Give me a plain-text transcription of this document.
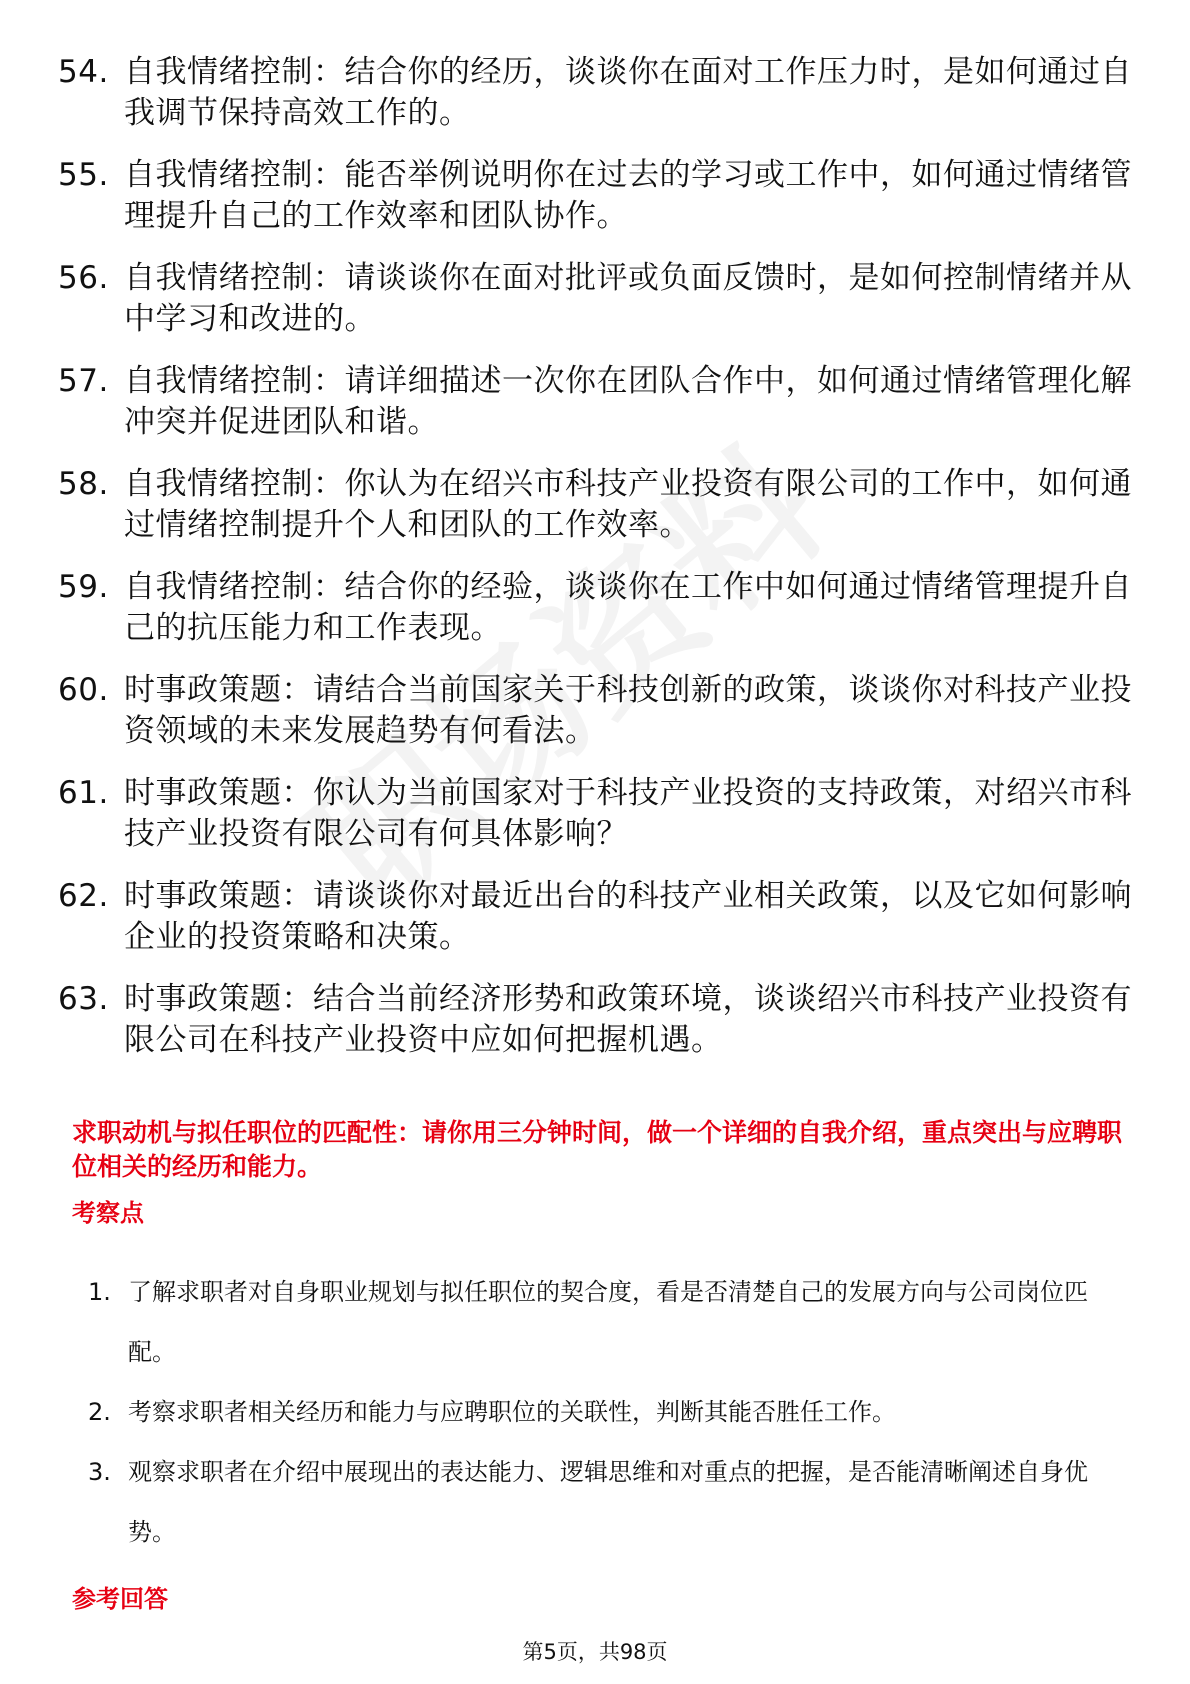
54. 自我情绪控制：结合你的经历，谈谈你在面对工作压力时，是如何通过自我调节保持高效工作的。
55. 自我情绪控制：能否举例说明你在过去的学习或工作中，如何通过情绪管理提升自己的工作效率和团队协作。
56. 自我情绪控制：请谈谈你在面对批评或负面反馈时，是如何控制情绪并从中学习和改进的。
57. 自我情绪控制：请详细描述一次你在团队合作中，如何通过情绪管理化解冲突并促进团队和谐。
58. 自我情绪控制：你认为在绍兴市科技产业投资有限公司的工作中，如何通过情绪控制提升个人和团队的工作效率。
59. 自我情绪控制：结合你的经验，谈谈你在工作中如何通过情绪管理提升自己的抗压能力和工作表现。
60. 时事政策题：请结合当前国家关于科技创新的政策，谈谈你对科技产业投资领域的未来发展趋势有何看法。
61. 时事政策题：你认为当前国家对于科技产业投资的支持政策，对绍兴市科技产业投资有限公司有何具体影响？
62. 时事政策题：请谈谈你对最近出台的科技产业相关政策，以及它如何影响企业的投资策略和决策。
63. 时事政策题：结合当前经济形势和政策环境，谈谈绍兴市科技产业投资有限公司在科技产业投资中应如何把握机遇。
求职动机与拟任职位的匹配性：请你用三分钟时间，做一个详细的自我介绍，重点突出与应聘职位相关的经历和能力。
考察点
1. 了解求职者对自身职业规划与拟任职位的契合度，看是否清楚自己的发展方向与公司岗位匹配。
2. 考察求职者相关经历和能力与应聘职位的关联性，判断其能否胜任工作。
3. 观察求职者在介绍中展现出的表达能力、逻辑思维和对重点的把握，是否能清晰阐述自身优势。
参考回答
第5页，共98页
